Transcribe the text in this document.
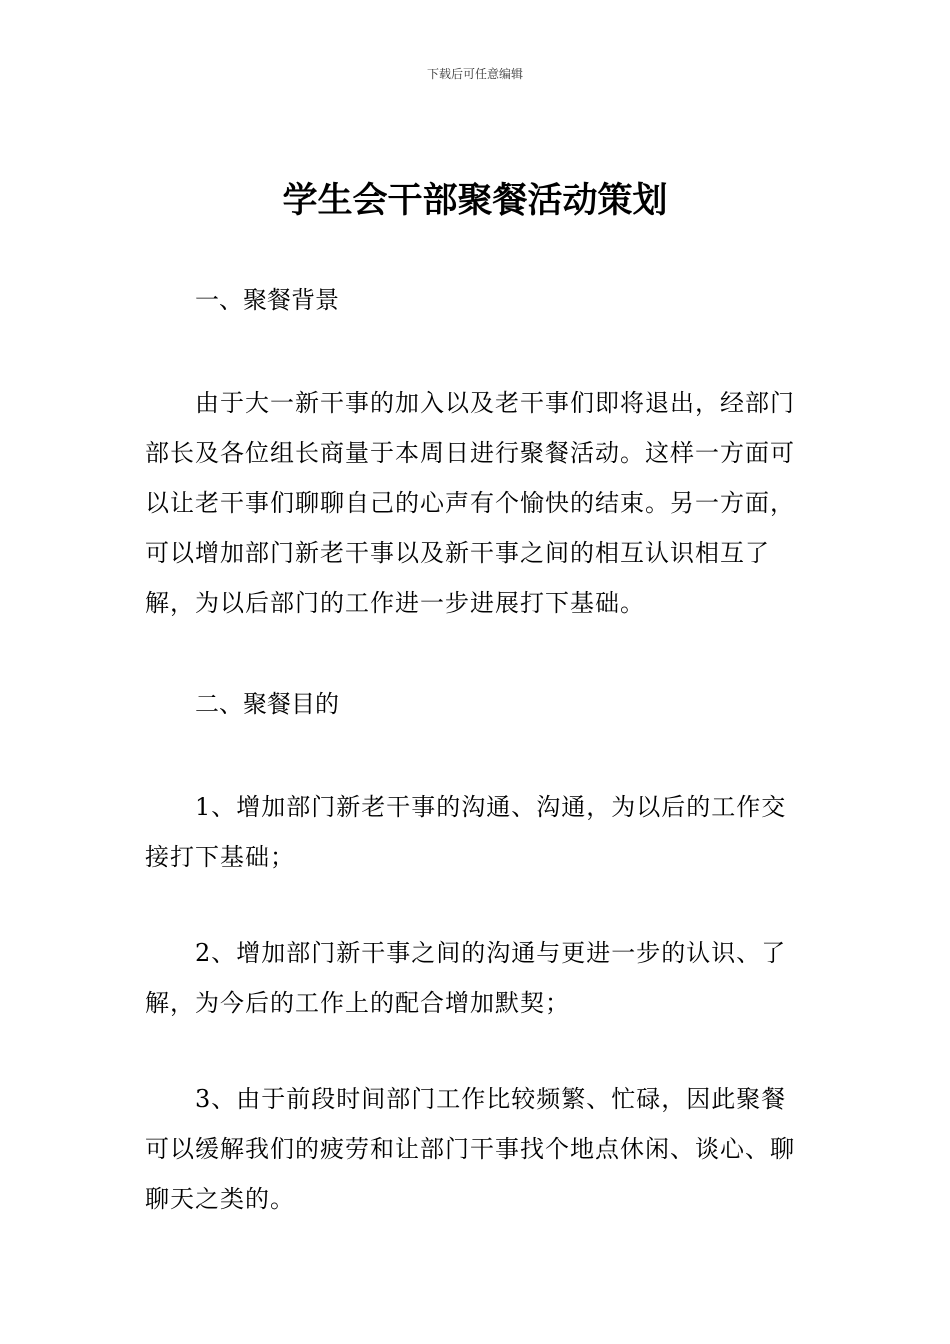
下载后可任意编辑
学生会干部聚餐活动策划
一、聚餐背景

由于大一新干事的加入以及老干事们即将退出，经部门部长及各位组长商量于本周日进行聚餐活动。这样一方面可以让老干事们聊聊自己的心声有个愉快的结束。另一方面，可以增加部门新老干事以及新干事之间的相互认识相互了解，为以后部门的工作进一步进展打下基础。

二、聚餐目的

1、增加部门新老干事的沟通、沟通，为以后的工作交接打下基础；

2、增加部门新干事之间的沟通与更进一步的认识、了解，为今后的工作上的配合增加默契；

3、由于前段时间部门工作比较频繁、忙碌，因此聚餐可以缓解我们的疲劳和让部门干事找个地点休闲、谈心、聊聊天之类的。
